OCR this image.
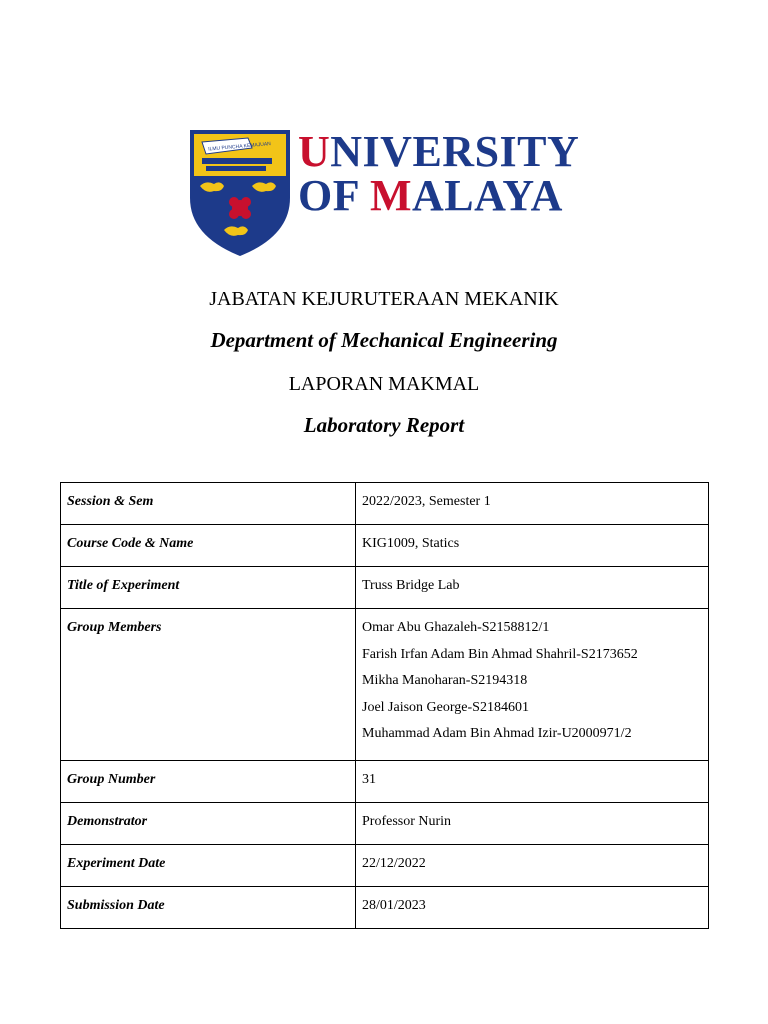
ILMU PUNCHA KEMAJUAN UNIVERSITY
OF MALAYA
JABATAN KEJURUTERAAN MEKANIK
Department of Mechanical Engineering
LAPORAN MAKMAL
Laboratory Report
Session & Sem	2022/2023, Semester 1
Course Code & Name	KIG1009, Statics
Title of Experiment	Truss Bridge Lab
Group Members	Omar Abu Ghazaleh-S2158812/1
Farish Irfan Adam Bin Ahmad Shahril-S2173652
Mikha Manoharan-S2194318
Joel Jaison George-S2184601
Muhammad Adam Bin Ahmad Izir-U2000971/2

Group Number	31
Demonstrator	Professor Nurin
Experiment Date	22/12/2022
Submission Date	28/01/2023
